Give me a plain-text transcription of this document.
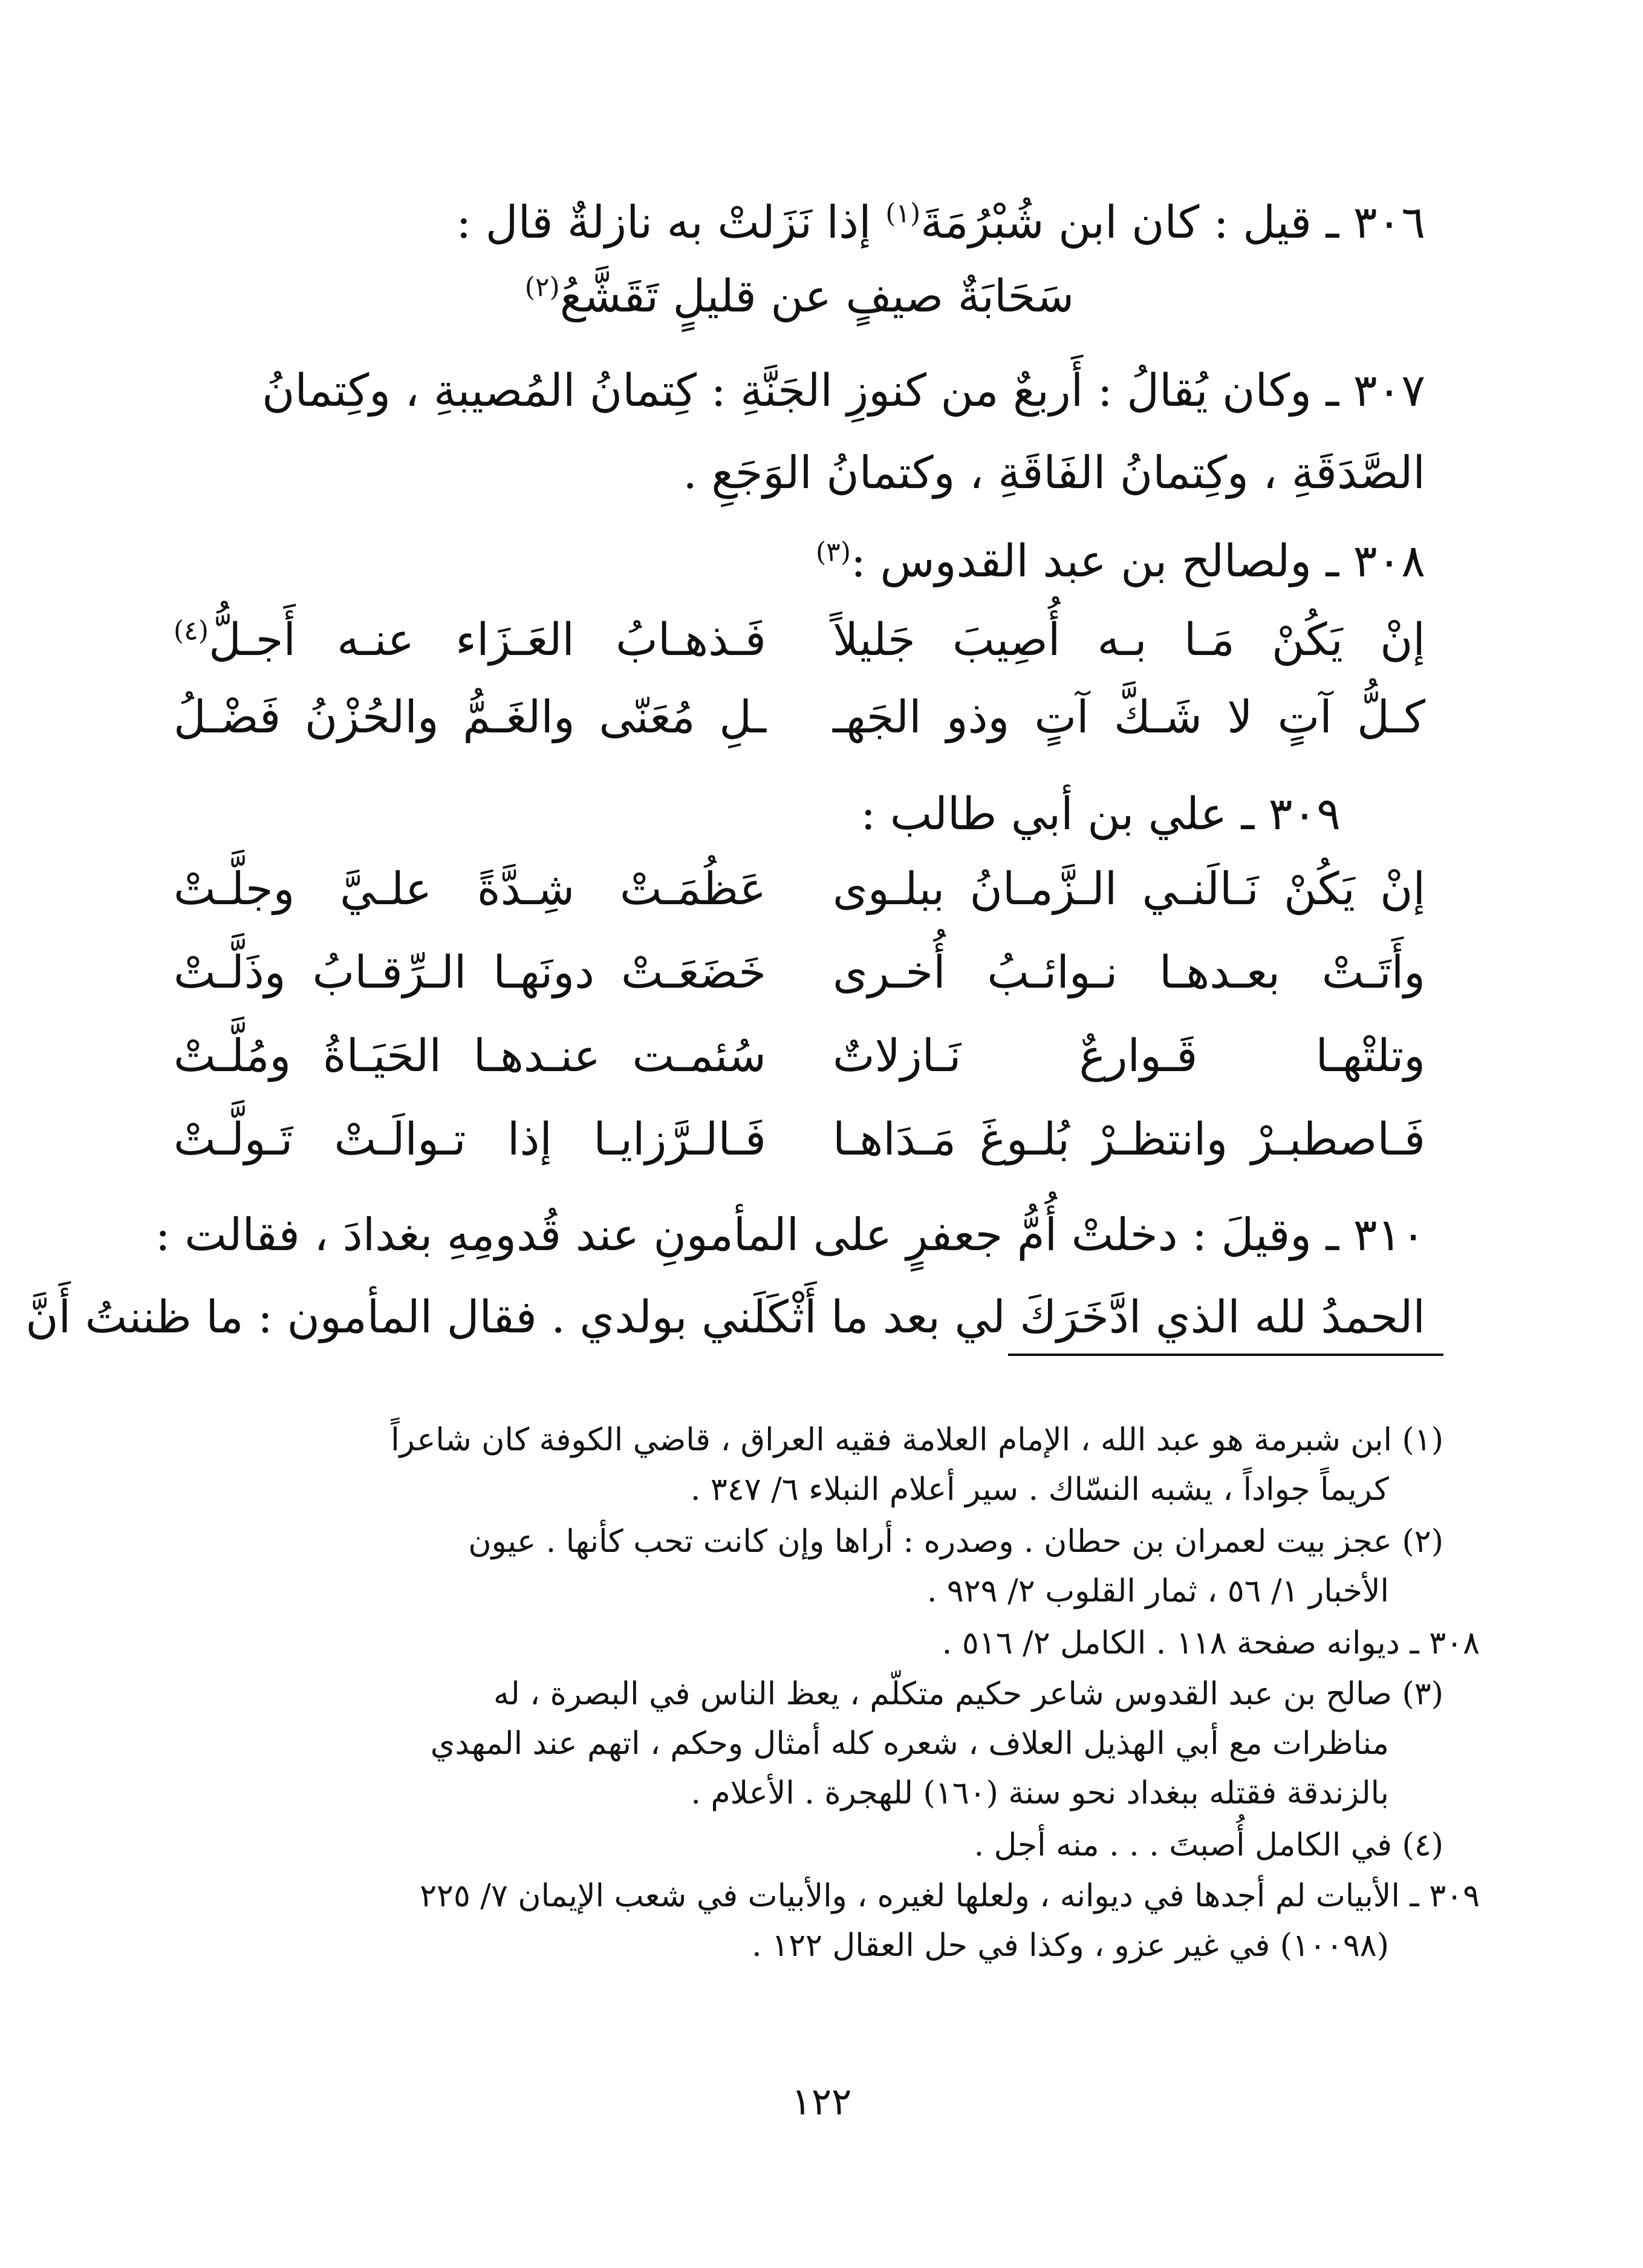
٣٠٦ ـ قيل : كان ابن شُبْرُمَةَ$^{(١)}$ إذا نَزَلتْ به نازلةٌ قال :
سَحَابَةٌ صيفٍ عن قليلٍ تَقَشَّعُ$^{(٢)}$
٣٠٧ ـ وكان يُقالُ : أَربعٌ من كنوزِ الجَنَّةِ : كِتمانُ المُصيبةِ ، وكِتمانُ
الصَّدَقَةِ ، وكِتمانُ الفَاقَةِ ، وكتمانُ الوَجَعِ .
٣٠٨ ـ ولصالح بن عبد القدوس :$^{(٣)}$
إنْ يَكُنْ مَـا بـه أُصِيبَ جَليلاً
فَـذهـابُ العَـزَاء عنـه أَجـلُّ$^{(٤)}$
كـلُّ آتٍ لا شَـكَّ آتٍ وذو الجَهـ
ـلِ مُعَنّى والغَـمُّ والحُزْنُ فَضْـلُ
٣٠٩ ـ علي بن أبي طالب :
إنْ يَكُنْ نَـالَنـي الـزَّمـانُ ببلـوى
عَظُمَـتْ شِـدَّةً علـيَّ وجلَّـتْ
وأَتَـتْ بعـدهـا نـوائـبُ أُخـرى
خَضَعَـتْ دونَهـا الـرِّقـابُ وذَلَّـتْ
وتلتْهـا قَـوارعٌ نَـازلاتٌ
سُئمـت عنـدهـا الحَيَـاةُ ومُلَّـتْ
فَـاصطبـرْ وانتظـرْ بُلـوغَ مَـدَاهـا
فَـالـرَّزايـا إذا تـوالَـتْ تَـولَّـتْ
٣١٠ ـ وقيلَ : دخلتْ أُمُّ جعفرٍ على المأمونِ عند قُدومِهِ بغدادَ ، فقالت :
الحمدُ لله الذي ادَّخَرَكَ لي بعد ما أَثْكَلَني بولدي . فقال المأمون : ما ظننتُ أَنَّ
(١) ابن شبرمة هو عبد الله ، الإمام العلامة فقيه العراق ، قاضي الكوفة كان شاعراً
كريماً جواداً ، يشبه النسّاك . سير أعلام النبلاء ٦/ ٣٤٧ .
(٢) عجز بيت لعمران بن حطان . وصدره : أراها وإن كانت تحب كأنها . عيون
الأخبار ١/ ٥٦ ، ثمار القلوب ٢/ ٩٢٩ .
٣٠٨ ـ ديوانه صفحة ١١٨ . الكامل ٢/ ٥١٦ .
(٣) صالح بن عبد القدوس شاعر حكيم متكلّم ، يعظ الناس في البصرة ، له
مناظرات مع أبي الهذيل العلاف ، شعره كله أمثال وحكم ، اتهم عند المهدي
بالزندقة فقتله ببغداد نحو سنة (١٦٠) للهجرة . الأعلام .
(٤) في الكامل أُصبتَ . . . منه أجل .
٣٠٩ ـ الأبيات لم أجدها في ديوانه ، ولعلها لغيره ، والأبيات في شعب الإيمان ٧/ ٢٢٥
(١٠٠٩٨) في غير عزو ، وكذا في حل العقال ١٢٢ .
١٢٢
